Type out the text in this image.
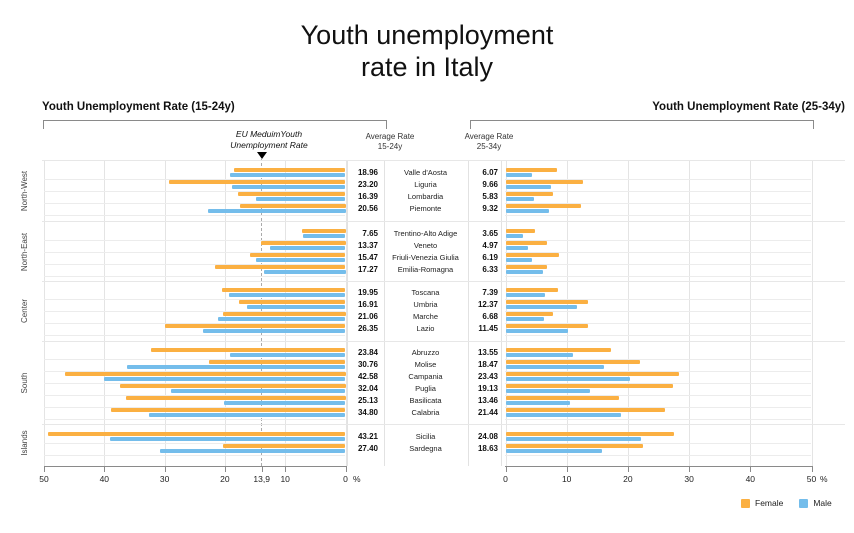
Youth unemployment
rate in Italy
Youth Unemployment Rate (15-24y)	Youth Unemployment Rate (25-34y)
EU MeduimYouth
Unemployment Rate
Average Rate
15-24y
Average Rate
25-34y
18.96	Valle d'Aosta	6.07
23.20	Liguria	9.66
16.39	Lombardia	5.83
20.56	Piemonte	9.32
North-West
7.65	Trentino-Alto Adige	3.65
13.37	Veneto	4.97
15.47	Friuli-Venezia Giulia	6.19
17.27	Emilia-Romagna	6.33
North-East
19.95	Toscana	7.39
16.91	Umbria	12.37
21.06	Marche	6.68
26.35	Lazio	11.45
Center
23.84	Abruzzo	13.55
30.76	Molise	18.47
42.58	Campania	23.43
32.04	Puglia	19.13
25.13	Basilicata	13.46
34.80	Calabria	21.44
South
43.21	Sicilia	24.08
27.40	Sardegna	18.63
Islands
50	40	30	20	13,9	10	0	0	10	20	30	40	50
%	%
Female	Male
